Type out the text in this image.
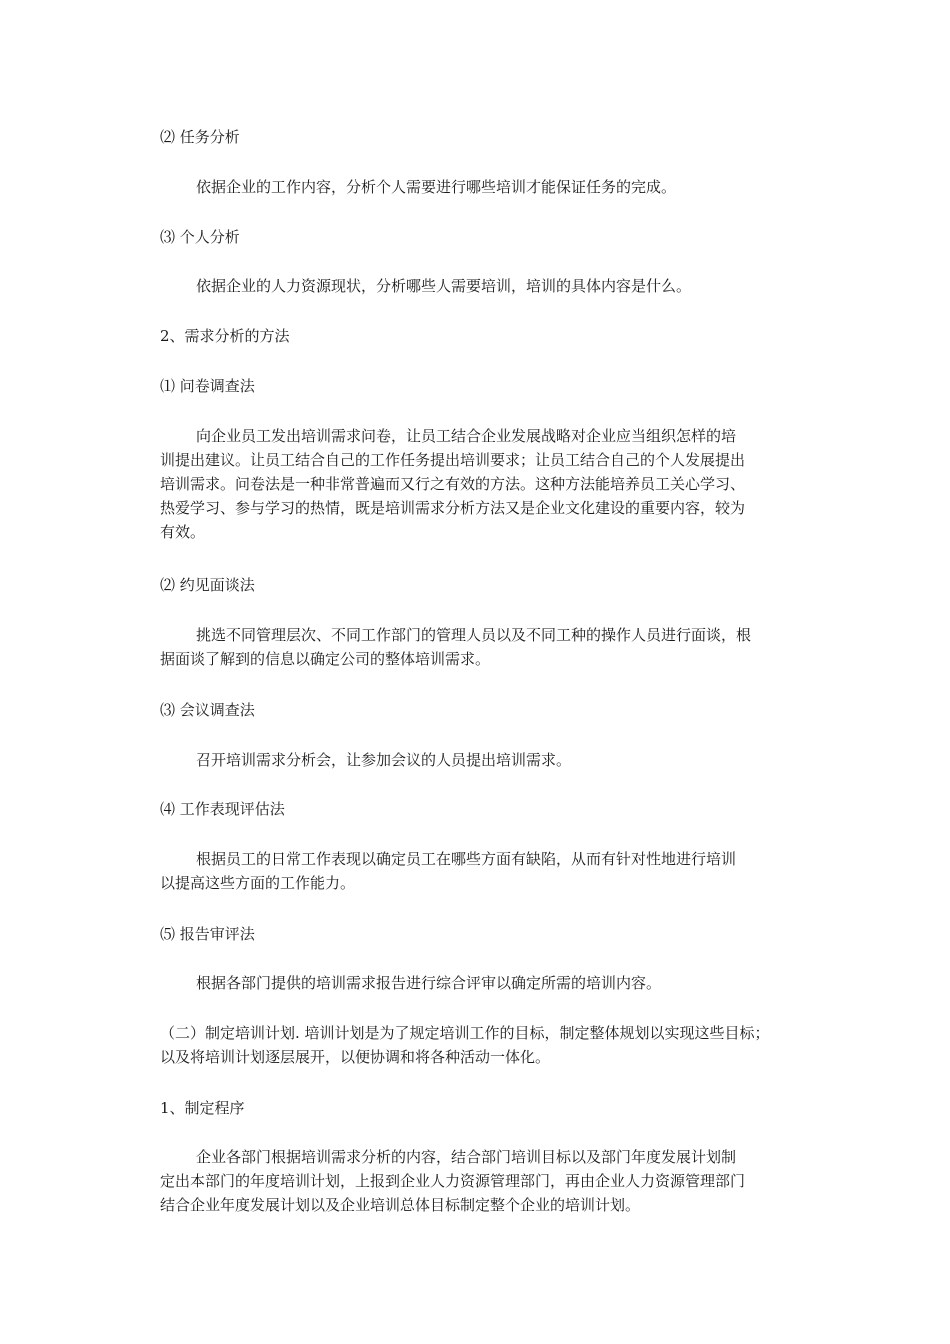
⑵ 任务分析
依据企业的工作内容，分析个人需要进行哪些培训才能保证任务的完成。
⑶ 个人分析
依据企业的人力资源现状，分析哪些人需要培训，培训的具体内容是什么。
2、需求分析的方法
⑴ 问卷调查法
向企业员工发出培训需求问卷，让员工结合企业发展战略对企业应当组织怎样的培
训提出建议。让员工结合自己的工作任务提出培训要求；让员工结合自己的个人发展提出
培训需求。问卷法是一种非常普遍而又行之有效的方法。这种方法能培养员工关心学习、
热爱学习、参与学习的热情，既是培训需求分析方法又是企业文化建设的重要内容，较为
有效。
⑵ 约见面谈法
挑选不同管理层次、不同工作部门的管理人员以及不同工种的操作人员进行面谈，根
据面谈了解到的信息以确定公司的整体培训需求。
⑶ 会议调查法
召开培训需求分析会，让参加会议的人员提出培训需求。
⑷ 工作表现评估法
根据员工的日常工作表现以确定员工在哪些方面有缺陷，从而有针对性地进行培训
以提高这些方面的工作能力。
⑸ 报告审评法
根据各部门提供的培训需求报告进行综合评审以确定所需的培训内容。
（二）制定培训计划. 培训计划是为了规定培训工作的目标，制定整体规划以实现这些目标；
以及将培训计划逐层展开，以便协调和将各种活动一体化。
1、制定程序
企业各部门根据培训需求分析的内容，结合部门培训目标以及部门年度发展计划制
定出本部门的年度培训计划，上报到企业人力资源管理部门，再由企业人力资源管理部门
结合企业年度发展计划以及企业培训总体目标制定整个企业的培训计划。
